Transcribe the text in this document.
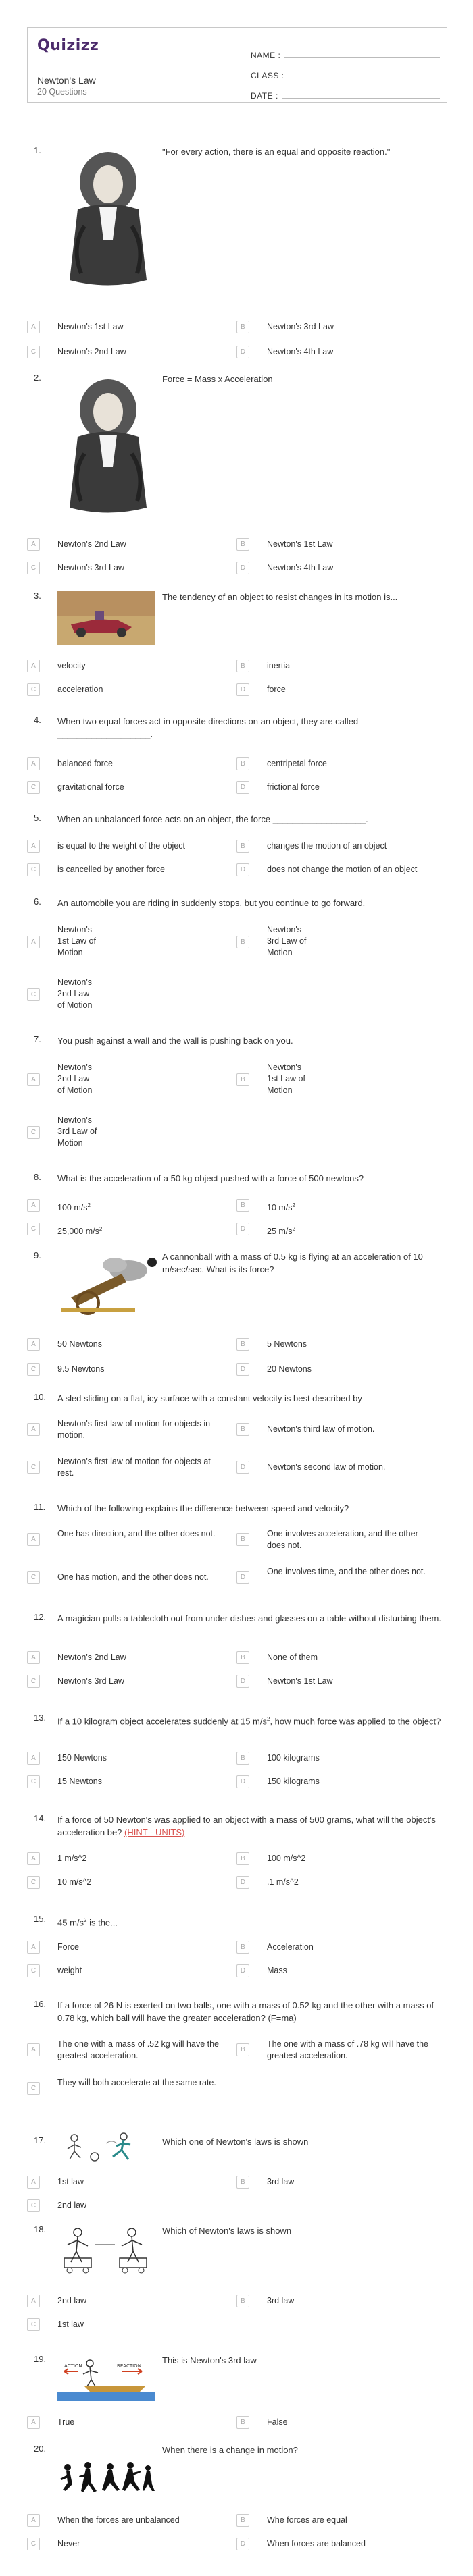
Quizizz
Newton's Law
20 Questions
NAME :
CLASS :
DATE :
1.	"For every action, there is an equal and opposite reaction."
A	Newton's 1st Law	B	Newton's 3rd Law
C	Newton's 2nd Law	D	Newton's 4th Law
2.	Force = Mass x Acceleration
A	Newton's 2nd Law	B	Newton's 1st Law
C	Newton's 3rd Law	D	Newton's 4th Law
3.	The tendency of an object to resist changes in its motion is...
A	velocity	B	inertia
C	acceleration	D	force
4. When two equal forces act in opposite directions on an object, they are called ___________________.
A	balanced force	B	centripetal force
C	gravitational force	D	frictional force
5. When an unbalanced force acts on an object, the force ___________________.
A	is equal to the weight of the object	B	changes the motion of an object
C	is cancelled by another force	D	does not change the motion of an object
6. An automobile you are riding in suddenly stops, but you continue to go forward.
A
Newton's 1st Law of Motion
B
Newton's 3rd Law of Motion
C
Newton's 2nd Law of Motion
7. You push against a wall and the wall is pushing back on you.
A
Newton's 2nd Law of Motion
B
Newton's 1st Law of Motion
C
Newton's 3rd Law of Motion
8. What is the acceleration of a 50 kg object pushed with a force of 500 newtons?
A	100 $m/s^2$	B	10 $m/s^2$
C	25,000 $m/s^2$	D	25 $m/s^2$
9.	A cannonball with a mass of 0.5 kg is flying at an acceleration of 10 m/sec/sec. What is its force?
A	50 Newtons	B	5 Newtons
C	9.5 Newtons	D	20 Newtons
10. A sled sliding on a flat, icy surface with a constant velocity is best described by
A
Newton's first law of motion for objects in motion.
B	Newton's third law of motion.
C
Newton's first law of motion for objects at rest.
D	Newton's second law of motion.
11. Which of the following explains the difference between speed and velocity?
A
One has direction, and the other does not.
B
One involves acceleration, and the other does not.
C	One has motion, and the other does not.	D
One involves time, and the other does not.
12. A magician pulls a tablecloth out from under dishes and glasses on a table without disturbing them.
A	Newton's 2nd Law	B	None of them
C	Newton's 3rd Law	D	Newton's 1st Law
13. If a 10 kilogram object accelerates suddenly at 15 $m/s^2$, how much force was applied to the object?
A	150 Newtons	B	100 kilograms
C	15 Newtons	D	150 kilograms
14. If a force of 50 Newton's was applied to an object with a mass of 500 grams, what will the object's acceleration be? (HINT - UNITS)
A	1 m/s^2	B	100 m/s^2
C	10 m/s^2	D	.1 m/s^2
15. 45 $m/s^2$ is the...
A	Force	B	Acceleration
C	weight	D	Mass
16. If a force of 26 N is exerted on two balls, one with a mass of 0.52 kg and the other with a mass of 0.78 kg, which ball will have the greater acceleration? (F=ma)
A
The one with a mass of .52 kg will have the greatest acceleration.
B
The one with a mass of .78 kg will have the greatest acceleration.
C
They will both accelerate at the same rate.
17.	Which one of Newton's laws is shown
A	1st law	B	3rd law
C	2nd law
18.	Which of Newton's laws is shown
A	2nd law	B	3rd law
C	1st law
19.
ACTION	REACTION
This is Newton's 3rd law
A	True	B	False
20.	When there is a change in motion?
A	When the forces are unbalanced	B	Whe forces are equal
C	Never	D	When forces are balanced
